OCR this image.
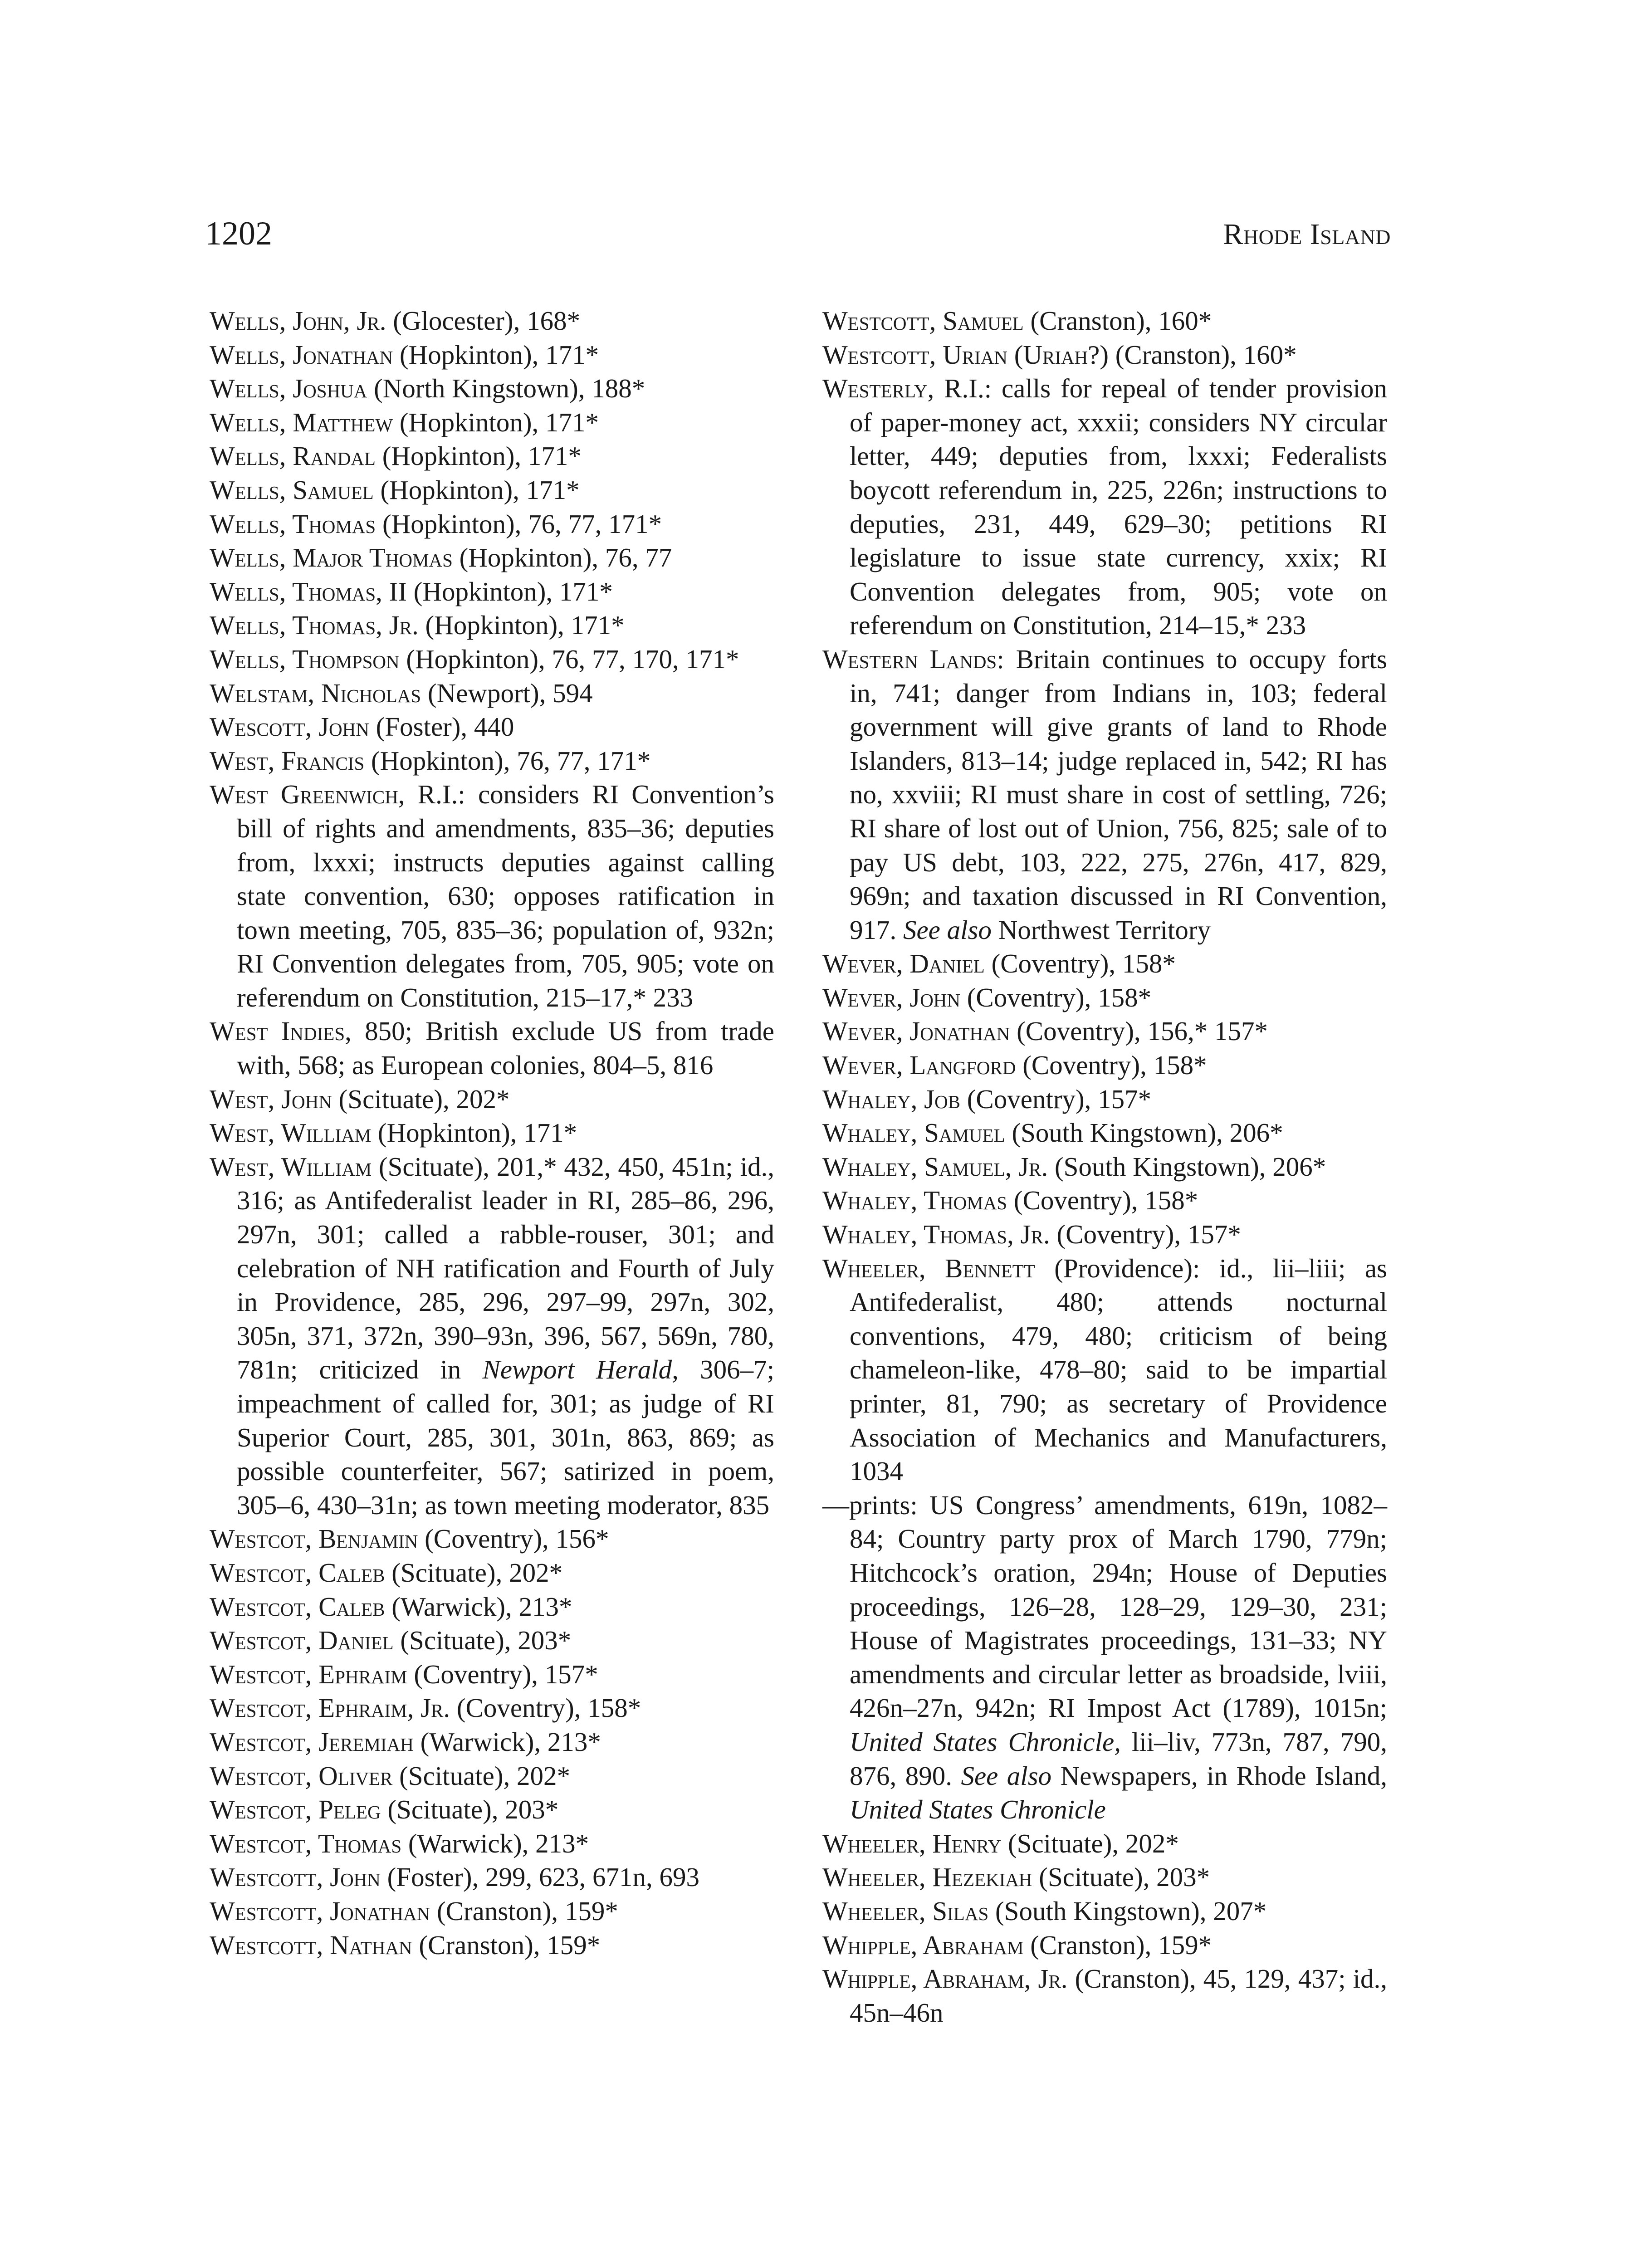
1202	Rhode Island

Wells, John, Jr. (Glocester), 168*

Wells, Jonathan (Hopkinton), 171*

Wells, Joshua (North Kingstown), 188*

Wells, Matthew (Hopkinton), 171*

Wells, Randal (Hopkinton), 171*

Wells, Samuel (Hopkinton), 171*

Wells, Thomas (Hopkinton), 76, 77, 171*

Wells, Major Thomas (Hopkinton), 76, 77

Wells, Thomas, II (Hopkinton), 171*

Wells, Thomas, Jr. (Hopkinton), 171*

Wells, Thompson (Hopkinton), 76, 77, 170, 171*

Welstam, Nicholas (Newport), 594

Wescott, John (Foster), 440

West, Francis (Hopkinton), 76, 77, 171*

West Greenwich, R.I.: considers RI Convention’s bill of rights and amendments, 835–36; deputies from, lxxxi; instructs deputies against calling state convention, 630; opposes ratification in town meeting, 705, 835–36; population of, 932n; RI Convention delegates from, 705, 905; vote on referendum on Constitution, 215–17,* 233

West Indies, 850; British exclude US from trade with, 568; as European colonies, 804–5, 816

West, John (Scituate), 202*

West, William (Hopkinton), 171*

West, William (Scituate), 201,* 432, 450, 451n; id., 316; as Antifederalist leader in RI, 285–86, 296, 297n, 301; called a rabble-rouser, 301; and celebration of NH ratification and Fourth of July in Providence, 285, 296, 297–99, 297n, 302, 305n, 371, 372n, 390–93n, 396, 567, 569n, 780, 781n; criticized in Newport Herald, 306–7; impeachment of called for, 301; as judge of RI Superior Court, 285, 301, 301n, 863, 869; as possible counterfeiter, 567; satirized in poem, 305–6, 430–31n; as town meeting moderator, 835

Westcot, Benjamin (Coventry), 156*

Westcot, Caleb (Scituate), 202*

Westcot, Caleb (Warwick), 213*

Westcot, Daniel (Scituate), 203*

Westcot, Ephraim (Coventry), 157*

Westcot, Ephraim, Jr. (Coventry), 158*

Westcot, Jeremiah (Warwick), 213*

Westcot, Oliver (Scituate), 202*

Westcot, Peleg (Scituate), 203*

Westcot, Thomas (Warwick), 213*

Westcott, John (Foster), 299, 623, 671n, 693

Westcott, Jonathan (Cranston), 159*

Westcott, Nathan (Cranston), 159*

Westcott, Samuel (Cranston), 160*

Westcott, Urian (Uriah?) (Cranston), 160*

Westerly, R.I.: calls for repeal of tender provision of paper-money act, xxxii; considers NY circular letter, 449; deputies from, lxxxi; Federalists boycott referendum in, 225, 226n; instructions to deputies, 231, 449, 629–30; petitions RI legislature to issue state currency, xxix; RI Convention delegates from, 905; vote on referendum on Constitution, 214–15,* 233

Western Lands: Britain continues to occupy forts in, 741; danger from Indians in, 103; federal government will give grants of land to Rhode Islanders, 813–14; judge replaced in, 542; RI has no, xxviii; RI must share in cost of settling, 726; RI share of lost out of Union, 756, 825; sale of to pay US debt, 103, 222, 275, 276n, 417, 829, 969n; and taxation discussed in RI Convention, 917. See also Northwest Territory

Wever, Daniel (Coventry), 158*

Wever, John (Coventry), 158*

Wever, Jonathan (Coventry), 156,* 157*

Wever, Langford (Coventry), 158*

Whaley, Job (Coventry), 157*

Whaley, Samuel (South Kingstown), 206*

Whaley, Samuel, Jr. (South Kingstown), 206*

Whaley, Thomas (Coventry), 158*

Whaley, Thomas, Jr. (Coventry), 157*

Wheeler, Bennett (Providence): id., lii–liii; as Antifederalist, 480; attends nocturnal conventions, 479, 480; criticism of being chameleon-like, 478–80; said to be impartial printer, 81, 790; as secretary of Providence Association of Mechanics and Manufacturers, 1034

—prints: US Congress’ amendments, 619n, 1082–84; Country party prox of March 1790, 779n; Hitchcock’s oration, 294n; House of Deputies proceedings, 126–28, 128–29, 129–30, 231; House of Magistrates proceedings, 131–33; NY amendments and circular letter as broadside, lviii, 426n–27n, 942n; RI Impost Act (1789), 1015n; United States Chronicle, lii–liv, 773n, 787, 790, 876, 890. See also Newspapers, in Rhode Island, United States Chronicle

Wheeler, Henry (Scituate), 202*

Wheeler, Hezekiah (Scituate), 203*

Wheeler, Silas (South Kingstown), 207*

Whipple, Abraham (Cranston), 159*

Whipple, Abraham, Jr. (Cranston), 45, 129, 437; id., 45n–46n
